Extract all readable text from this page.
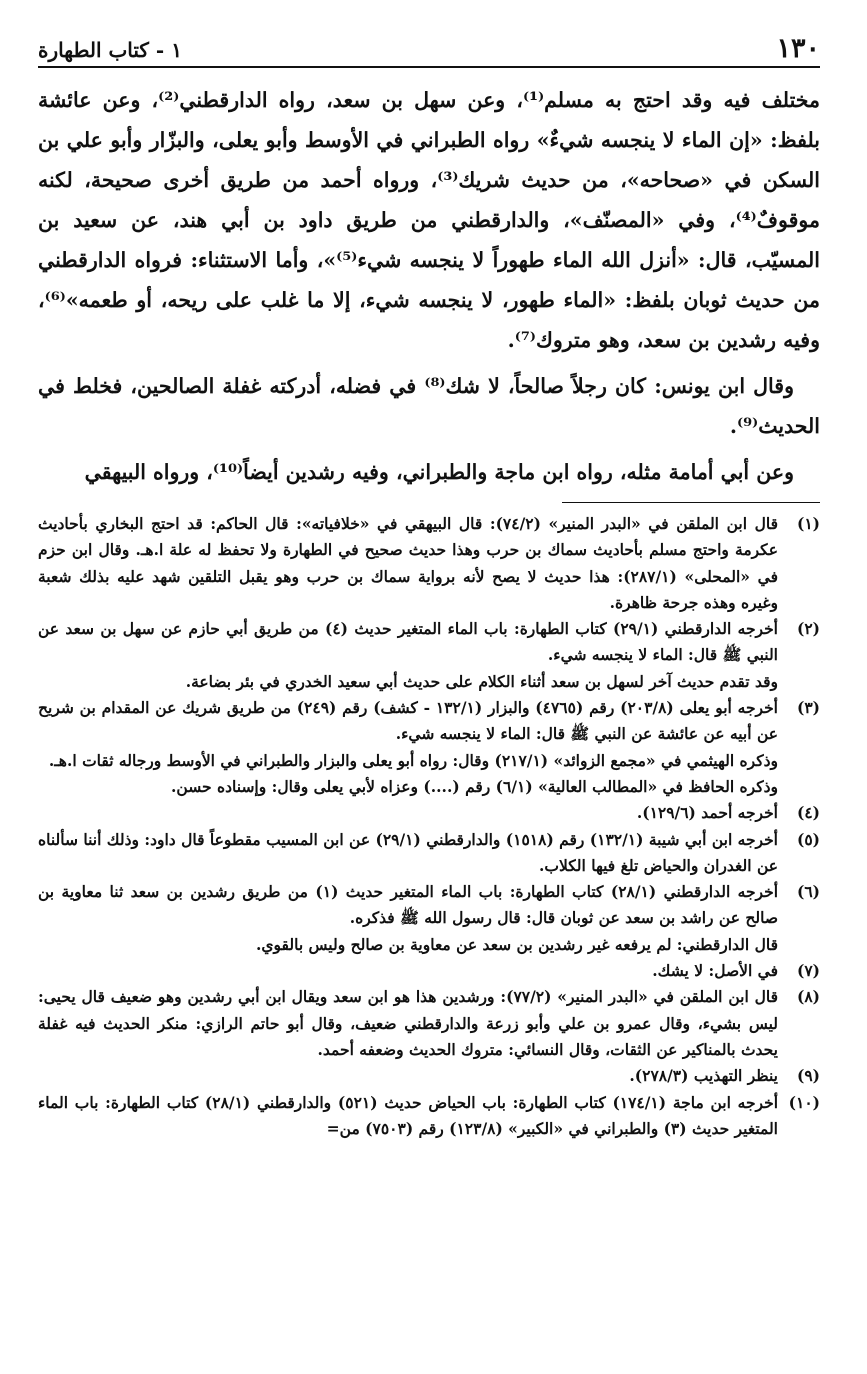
١٣٠
١ - كتاب الطهارة

مختلف فيه وقد احتج به مسلم⁽¹⁾، وعن سهل بن سعد، رواه الدارقطني⁽²⁾، وعن عائشة بلفظ: «إن الماء لا ينجسه شيءٌ» رواه الطبراني في الأوسط وأبو يعلى، والبزّار وأبو علي بن السكن في «صحاحه»، من حديث شريك⁽³⁾، ورواه أحمد من طريق أخرى صحيحة، لكنه موقوفٌ⁽⁴⁾، وفي «المصنّف»، والدارقطني من طريق داود بن أبي هند، عن سعيد بن المسيّب، قال: «أنزل الله الماء طهوراً لا ينجسه شيء⁽⁵⁾»، وأما الاستثناء: فرواه الدارقطني من حديث ثوبان بلفظ: «الماء طهور، لا ينجسه شيء، إلا ما غلب على ريحه، أو طعمه»⁽⁶⁾، وفيه رشدين بن سعد، وهو متروك⁽⁷⁾.

وقال ابن يونس: كان رجلاً صالحاً، لا شك⁽⁸⁾ في فضله، أدركته غفلة الصالحين، فخلط في الحديث⁽⁹⁾.

وعن أبي أمامة مثله، رواه ابن ماجة والطبراني، وفيه رشدين أيضاً⁽¹⁰⁾، ورواه البيهقي

(١)
قال ابن الملقن في «البدر المنير» (٧٤/٢): قال البيهقي في «خلافياته»: قال الحاكم: قد احتج البخاري بأحاديث عكرمة واحتج مسلم بأحاديث سماك بن حرب وهذا حديث صحيح في الطهارة ولا تحفظ له علة ا.هـ. وقال ابن حزم في «المحلى» (٢٨٧/١): هذا حديث لا يصح لأنه برواية سماك بن حرب وهو يقبل التلقين شهد عليه بذلك شعبة وغيره وهذه جرحة ظاهرة.
(٢)
أخرجه الدارقطني (٢٩/١) كتاب الطهارة: باب الماء المتغير حديث (٤) من طريق أبي حازم عن سهل بن سعد عن النبي ﷺ قال: الماء لا ينجسه شيء.
وقد تقدم حديث آخر لسهل بن سعد أثناء الكلام على حديث أبي سعيد الخدري في بئر بضاعة.
(٣)
أخرجه أبو يعلى (٢٠٣/٨) رقم (٤٧٦٥) والبزار (١٣٢/١ - كشف) رقم (٢٤٩) من طريق شريك عن المقدام بن شريح عن أبيه عن عائشة عن النبي ﷺ قال: الماء لا ينجسه شيء.
وذكره الهيثمي في «مجمع الزوائد» (٢١٧/١) وقال: رواه أبو يعلى والبزار والطبراني في الأوسط ورجاله ثقات ا.هـ.
وذكره الحافظ في «المطالب العالية» (٦/١) رقم (....) وعزاه لأبي يعلى وقال: وإسناده حسن.
(٤)
أخرجه أحمد (١٢٩/٦).
(٥)
أخرجه ابن أبي شيبة (١٣٢/١) رقم (١٥١٨) والدارقطني (٢٩/١) عن ابن المسيب مقطوعاً قال داود: وذلك أننا سألناه عن الغدران والحياض تلغ فيها الكلاب.
(٦)
أخرجه الدارقطني (٢٨/١) كتاب الطهارة: باب الماء المتغير حديث (١) من طريق رشدين بن سعد ثنا معاوية بن صالح عن راشد بن سعد عن ثوبان قال: قال رسول الله ﷺ فذكره.
قال الدارقطني: لم يرفعه غير رشدين بن سعد عن معاوية بن صالح وليس بالقوي.
(٧)
في الأصل: لا يشك.
(٨)
قال ابن الملقن في «البدر المنير» (٧٧/٢): ورشدين هذا هو ابن سعد ويقال ابن أبي رشدين وهو ضعيف قال يحيى: ليس بشيء، وقال عمرو بن علي وأبو زرعة والدارقطني ضعيف، وقال أبو حاتم الرازي: منكر الحديث فيه غفلة يحدث بالمناكير عن الثقات، وقال النسائي: متروك الحديث وضعفه أحمد.
(٩)
ينظر التهذيب (٢٧٨/٣).
(١٠)
أخرجه ابن ماجة (١٧٤/١) كتاب الطهارة: باب الحياض حديث (٥٢١) والدارقطني (٢٨/١) كتاب الطهارة: باب الماء المتغير حديث (٣) والطبراني في «الكبير» (١٢٣/٨) رقم (٧٥٠٣) من=
